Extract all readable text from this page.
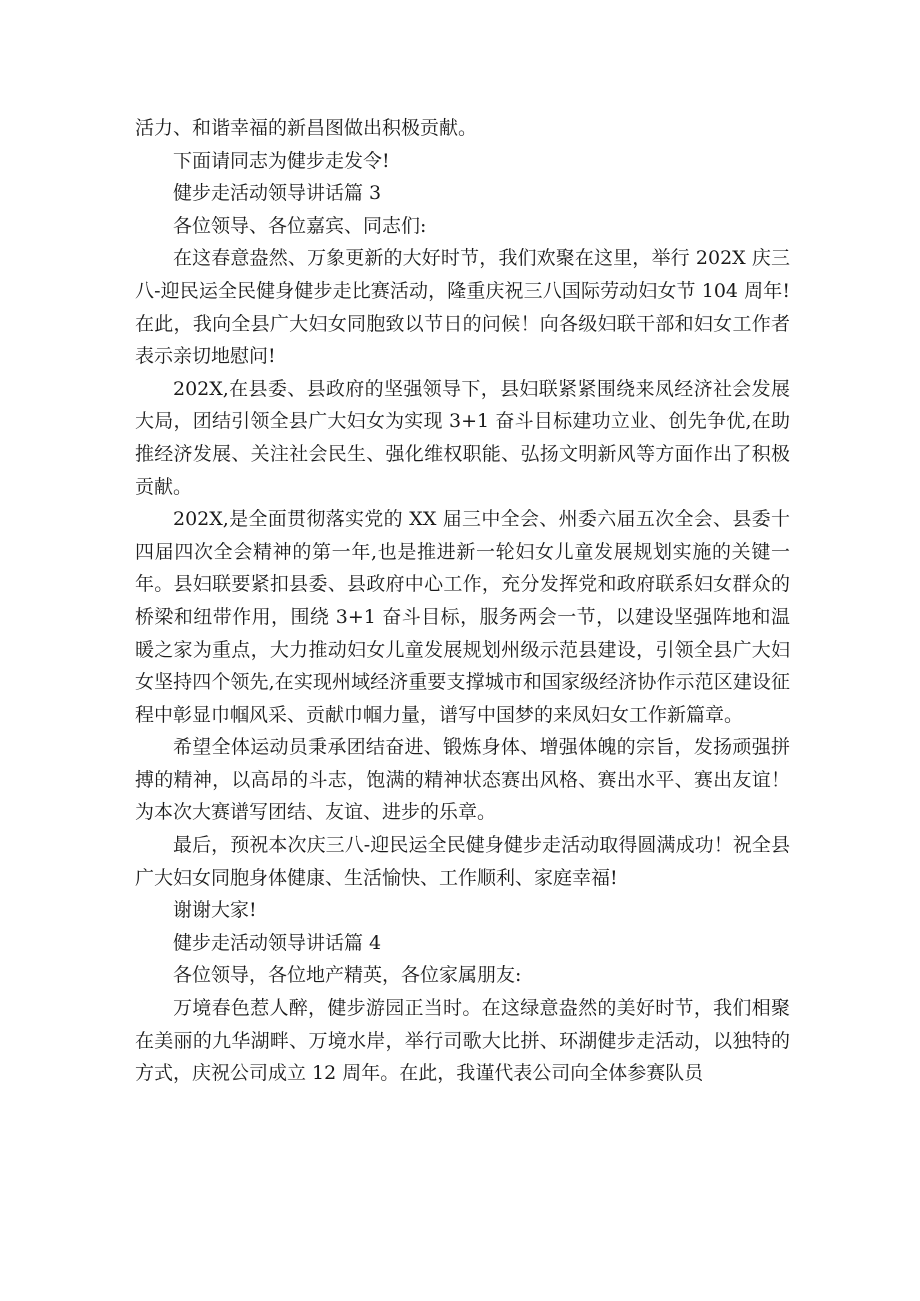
活力、和谐幸福的新昌图做出积极贡献。

下面请同志为健步走发令!

健步走活动领导讲话篇 3

各位领导、各位嘉宾、同志们:

在这春意盎然、万象更新的大好时节，我们欢聚在这里，举行 202X 庆三八-迎民运全民健身健步走比赛活动，隆重庆祝三八国际劳动妇女节 104 周年!在此，我向全县广大妇女同胞致以节日的问候！向各级妇联干部和妇女工作者表示亲切地慰问!

202X,在县委、县政府的坚强领导下，县妇联紧紧围绕来凤经济社会发展大局，团结引领全县广大妇女为实现 3+1 奋斗目标建功立业、创先争优,在助推经济发展、关注社会民生、强化维权职能、弘扬文明新风等方面作出了积极贡献。

202X,是全面贯彻落实党的 XX 届三中全会、州委六届五次全会、县委十四届四次全会精神的第一年,也是推进新一轮妇女儿童发展规划实施的关键一年。县妇联要紧扣县委、县政府中心工作，充分发挥党和政府联系妇女群众的桥梁和纽带作用，围绕 3+1 奋斗目标，服务两会一节，以建设坚强阵地和温暖之家为重点，大力推动妇女儿童发展规划州级示范县建设，引领全县广大妇女坚持四个领先,在实现州域经济重要支撑城市和国家级经济协作示范区建设征程中彰显巾帼风采、贡献巾帼力量，谱写中国梦的来凤妇女工作新篇章。

希望全体运动员秉承团结奋进、锻炼身体、增强体魄的宗旨，发扬顽强拼搏的精神，以高昂的斗志，饱满的精神状态赛出风格、赛出水平、赛出友谊！为本次大赛谱写团结、友谊、进步的乐章。

最后，预祝本次庆三八-迎民运全民健身健步走活动取得圆满成功！祝全县广大妇女同胞身体健康、生活愉快、工作顺利、家庭幸福!

谢谢大家!

健步走活动领导讲话篇 4

各位领导，各位地产精英，各位家属朋友:

万境春色惹人醉，健步游园正当时。在这绿意盎然的美好时节，我们相聚在美丽的九华湖畔、万境水岸，举行司歌大比拼、环湖健步走活动，以独特的方式，庆祝公司成立 12 周年。在此，我谨代表公司向全体参赛队员
